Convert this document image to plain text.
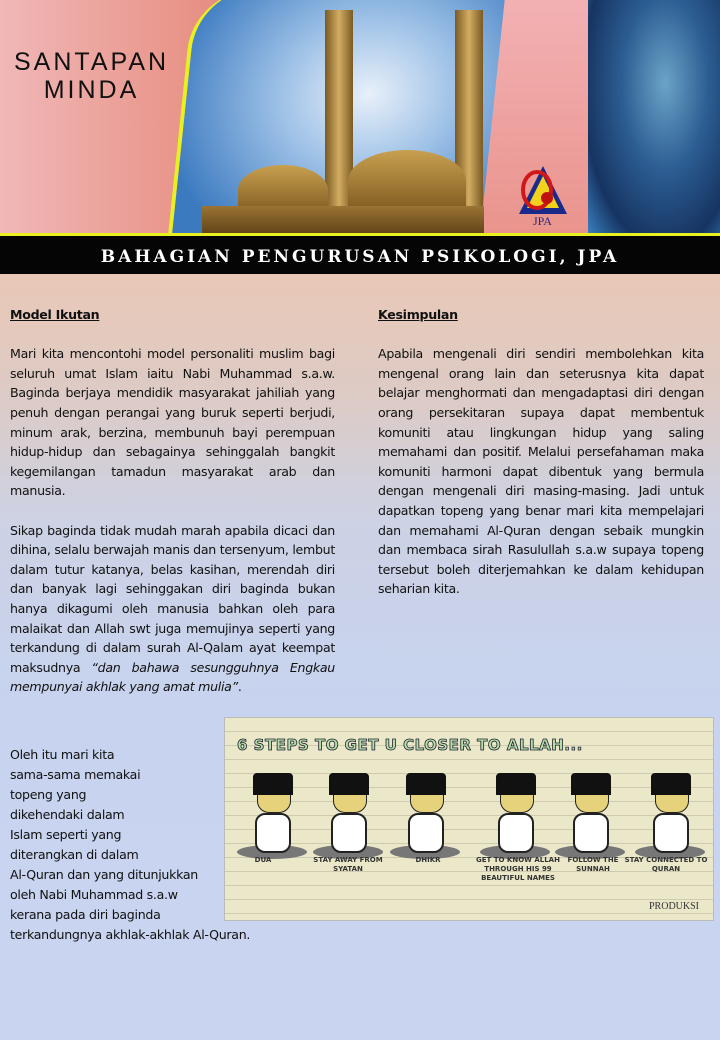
SANTAPAN
MINDA
JPA
BAHAGIAN PENGURUSAN PSIKOLOGI, JPA
Model Ikutan

Mari kita mencontohi model personaliti muslim bagi seluruh umat Islam iaitu Nabi Muhammad s.a.w. Baginda berjaya mendidik masyarakat jahiliah yang penuh dengan perangai yang buruk seperti berjudi, minum arak, berzina, membunuh bayi perempuan hidup-hidup dan sebagainya sehinggalah bangkit kegemilangan tamadun masyarakat arab dan manusia.

Sikap baginda tidak mudah marah apabila dicaci dan dihina, selalu berwajah manis dan tersenyum, lembut dalam tutur katanya, belas kasihan, merendah diri dan banyak lagi sehinggakan diri baginda bukan hanya dikagumi oleh manusia bahkan oleh para malaikat dan Allah swt juga memujinya seperti yang terkandung di dalam surah Al-Qalam ayat keempat maksudnya “dan bahawa sesungguhnya Engkau mempunyai akhlak yang amat mulia”.

Kesimpulan

Apabila mengenali diri sendiri membolehkan kita mengenal orang lain dan seterusnya kita dapat belajar menghormati dan mengadaptasi diri dengan orang persekitaran supaya dapat membentuk komuniti atau lingkungan hidup yang saling memahami dan positif. Melalui persefahaman maka komuniti harmoni dapat dibentuk yang bermula dengan mengenali diri masing-masing. Jadi untuk dapatkan topeng yang benar mari kita mempelajari dan memahami Al-Quran dengan sebaik mungkin dan membaca sirah Rasulullah s.a.w supaya topeng tersebut boleh diterjemahkan ke dalam kehidupan seharian kita.

Oleh itu mari kita
sama-sama memakai
topeng yang
dikehendaki dalam
Islam seperti yang
diterangkan di dalam
Al-Quran dan yang ditunjukkan
oleh Nabi Muhammad s.a.w
kerana pada diri baginda
terkandungnya akhlak-akhlak Al-Quran.
6 STEPS TO GET U CLOSER TO ALLAH...
DUA	STAY AWAY FROM SYATAN
DHIKR	GET TO KNOW ALLAH THROUGH HIS 99 BEAUTIFUL NAMES
FOLLOW THE SUNNAH
STAY CONNECTED TO QURAN
PRODUKSI
